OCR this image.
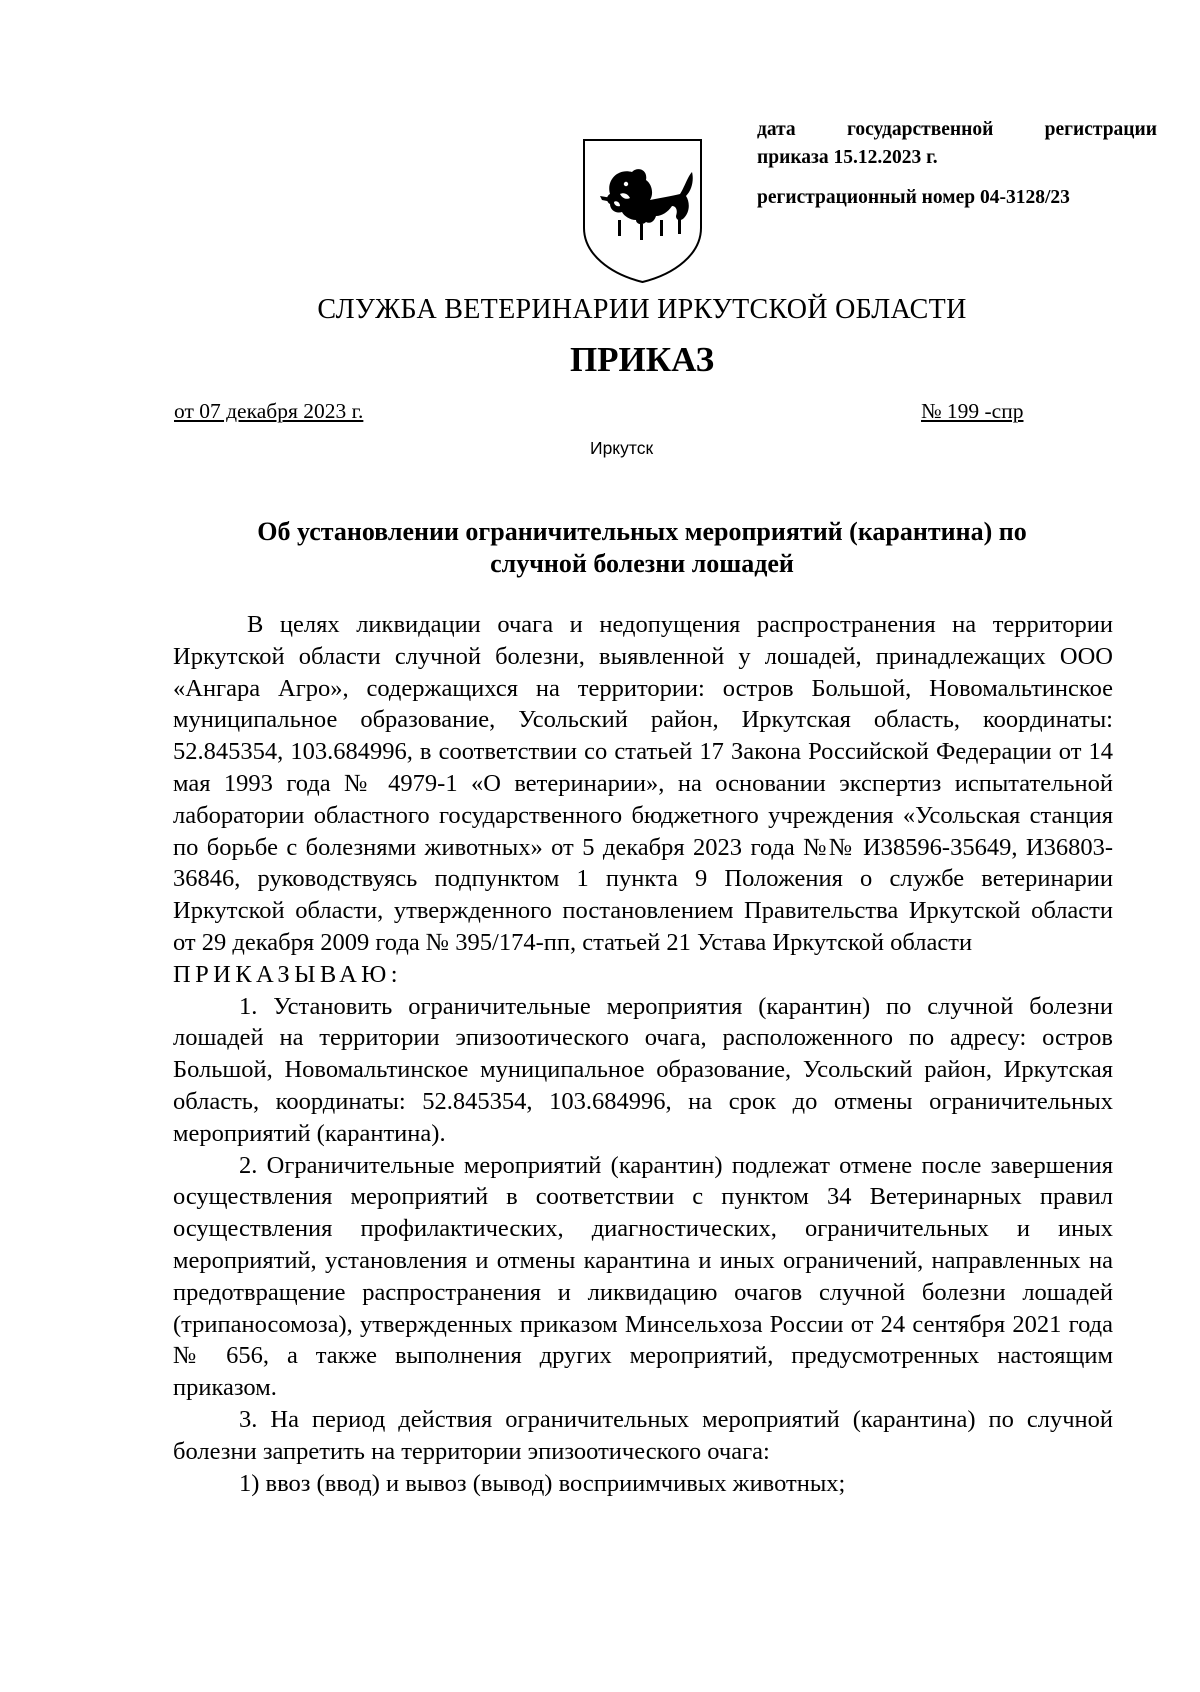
дата государственной регистрации
приказа 15.12.2023 г.
регистрационный номер 04-3128/23
СЛУЖБА ВЕТЕРИНАРИИ ИРКУТСКОЙ ОБЛАСТИ
ПРИКАЗ
от 07 декабря 2023 г.	№ 199 -спр
Иркутск
Об установлении ограничительных мероприятий (карантина) по
случной болезни лошадей

В целях ликвидации очага и недопущения распространения на территории Иркутской области случной болезни, выявленной у лошадей, принадлежащих ООО «Ангара Агро», содержащихся на территории: остров Большой, Новомальтинское муниципальное образование, Усольский район, Иркутская область, координаты: 52.845354, 103.684996, в соответствии со статьей 17 Закона Российской Федерации от 14 мая 1993 года № 4979-1 «О ветеринарии», на основании экспертиз испытательной лаборатории областного государственного бюджетного учреждения «Усольская станция по борьбе с болезнями животных» от 5 декабря 2023 года №№ И38596-35649, И36803-36846, руководствуясь подпунктом 1 пункта 9 Положения о службе ветеринарии Иркутской области, утвержденного постановлением Правительства Иркутской области от 29 декабря 2009 года № 395/174-пп, статьей 21 Устава Иркутской области

ПРИКАЗЫВАЮ:

1. Установить ограничительные мероприятия (карантин) по случной болезни лошадей на территории эпизоотического очага, расположенного по адресу: остров Большой, Новомальтинское муниципальное образование, Усольский район, Иркутская область, координаты: 52.845354, 103.684996, на срок до отмены ограничительных мероприятий (карантина).

2. Ограничительные мероприятий (карантин) подлежат отмене после завершения осуществления мероприятий в соответствии с пунктом 34 Ветеринарных правил осуществления профилактических, диагностических, ограничительных и иных мероприятий, установления и отмены карантина и иных ограничений, направленных на предотвращение распространения и ликвидацию очагов случной болезни лошадей (трипаносомоза), утвержденных приказом Минсельхоза России от 24 сентября 2021 года № 656, а также выполнения других мероприятий, предусмотренных настоящим приказом.

3. На период действия ограничительных мероприятий (карантина) по случной болезни запретить на территории эпизоотического очага:

1) ввоз (ввод) и вывоз (вывод) восприимчивых животных;
